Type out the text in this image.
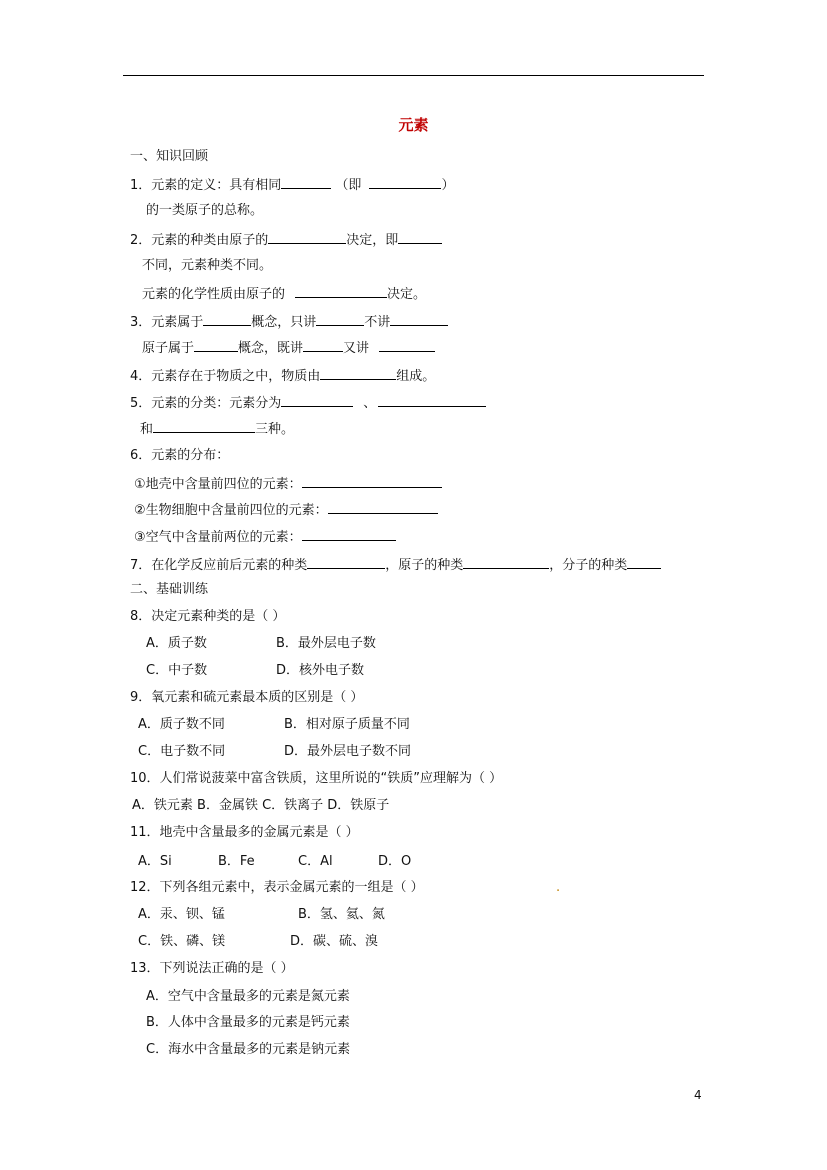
元素
一、知识回顾
1．元素的定义：具有相同	（即	）
的一类原子的总称。
2．元素的种类由原子的	决定，即
不同，元素种类不同。
元素的化学性质由原子的	决定。
3．元素属于	概念，只讲	不讲
原子属于	概念，既讲	又讲
4．元素存在于物质之中，物质由	组成。
5．元素的分类：元素分为	、
和	三种。
6．元素的分布：
①地壳中含量前四位的元素：
②生物细胞中含量前四位的元素：
③空气中含量前两位的元素：
7．在化学反应前后元素的种类	，原子的种类	，分子的种类
二、基础训练
8．决定元素种类的是（ ）
A．质子数	B．最外层电子数
C．中子数	D．核外电子数
9．氧元素和硫元素最本质的区别是（ ）
A．质子数不同	B．相对原子质量不同
C．电子数不同	D．最外层电子数不同
10．人们常说菠菜中富含铁质，这里所说的“铁质”应理解为（ ）
A．铁元素 B．金属铁 C．铁离子 D．铁原子
11．地壳中含量最多的金属元素是（ ）
A．Si	B．Fe	C．Al	D．O
12．下列各组元素中，表示金属元素的一组是（ ）	.
A．汞、钡、锰	B．氢、氦、氮
C．铁、磷、镁	D．碳、硫、溴
13．下列说法正确的是（ ）
A．空气中含量最多的元素是氮元素
B．人体中含量最多的元素是钙元素
C．海水中含量最多的元素是钠元素
4
